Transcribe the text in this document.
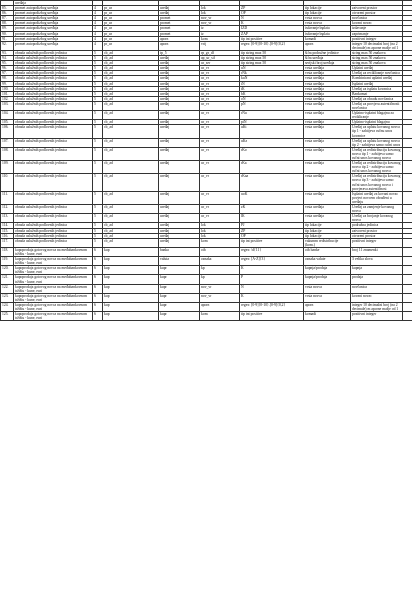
	uređaja								
85.	promet autopodizbog uređaja	4	pr_ur	uređaj	lok	ZP	tip lokacije	zatvoreni prostor	
86.	promet autopodizbog uređaja	4	pr_ur	uređaj	lok	OP	tip lokacije	otvoreni prostor	
87.	promet autopodizbog uređaja	4	pr_ur	promet	nov_vr	N	vrsta novca	novčanica	
88.	promet autopodizbog uređaja	4	pr_ur	promet	nov_vr	K	vrsta novca	kovani novac	
89.	promet autopodizbog uređaja	4	pr_ur	promet	iz	IZD	isdavanje/isplata	izdavanje	
90.	promet autopodizbog uređaja	4	pr_ur	promet	iz	ZAP	isdavanje/isplata	zaprimanje	
91.	promet autopodizbog uređaja	4	pr_ur	aporn	kom	tip int positive	komadi	pozitivni integer	
92.	promet autopodizbog uređaja	4	pr_ur	aporn	vrij	regex: [0-9]{0-10}.[0-9]{0,2}	aporn	integer 10 decimalni broj (na 2 decimale) m aporne mašje od 1	
93.	obrada uslužnih podlovnih jedinica	5	cb_ad	tp_5	rp_gr_df	tip string max 50	šifra podružne jedinice	string max 50 znakova	
94.	obrada uslužnih podlovnih jedinica	5	cb_ad	uređaj	ap_ur_sif	tip string max 50	šifra uređaja	string max 50 znakova	
95.	obrada uslužnih podlovnih jedinica	5	cb_ad	uređaj	ur_ser	tip string max 50	serijski broj uređaja	string max 50 znakova	
96.	obrada uslužnih podlovnih jedinica	5	cb_ad	uređaj	ur_vr	uN	vrsta uređaja	Uplatni uređaj	
97.	obrada uslužnih podlovnih jedinica	5	cb_ad	uređaj	ur_vr	rNk	vrsta uređaja	Uređaj za recikliranje novčanica	
98.	obrada uslužnih podlovnih jedinica	5	cb_ad	uređaj	ur_vr	kuN	vrsta uređaja	Kombinirani uplatni uređaj	
99.	obrada uslužnih podlovnih jedinica	5	cb_ad	uređaj	ur_vr	iN	vrsta uređaja	Isplatni uređaj	
100.	obrada uslužnih podlovnih jedinica	5	cb_ad	uređaj	ur_vr	tK	vrsta uređaja	Uređaj za isplatu kovanica	
101.	obrada uslužnih podlovnih jedinica	5	cb_ad	uređaj	ur_vr	bK	vrsta uređaja	Bankomat	
102.	obrada uslužnih podlovnih jedinica	5	cb_ad	uređaj	ur_vr	oN	vrsta uređaja	Uređaj za obradu novčanica	
103.	obrada uslužnih podlovnih jedinica	5	cb_ad	uređaj	ur_vr	pN	vrsta uređaja	Uređaj za provjeru autentičnosti novčanica	
104.	obrada uslužnih podlovnih jedinica	5	cb_ad	uređaj	ur_vr	rNu	vrsta uređaja	Uplatno-isplatni blagajnu za recikliranje	
105.	obrada uslužnih podlovnih jedinica	5	cb_ad	uređaj	ur_vr	piN	vrsta uređaja	Uplatno-isplatni blagajnu	
106.	obrada uslužnih podlovnih jedinica	5	cb_ad	uređaj	ur_vr	uKt	vrsta uređaja	Uređaj za uplatu kovanog novca tip 1 - zahtijeva ručnu unos kovanice	
107.	obrada uslužnih podlovnih jedinica	5	cb_ad	uređaj	ur_vr	uKz	vrsta uređaja	Uređaj za uplatu kovanog novca tip 2 - zahtijeva samo ručni unos	
108.	obrada uslužnih podlovnih jedinica	5	cb_ad	uređaj	ur_vr	rKo	vrsta uređaja	Uređaj za redistribuciju kovanog novca tip 1 - zahtijeva samo ručni unos kovanog novca	
109.	obrada uslužnih podlovnih jedinica	5	cb_ad	uređaj	ur_vr	rKa	vrsta uređaja	Uređaj za redistribuciju kovanog novca tip 2 - zahtijeva samo ručni unos kovanog novca	
110.	obrada uslužnih podlovnih jedinica	5	cb_ad	uređaj	ur_vr	rKaa	vrsta uređaja	Uređaj za redistribuciju kovanog novca tip 3 - zahtijeva samo ručni unos kovanog novca i provjerava autentičnost	
111.	obrada uslužnih podlovnih jedinica	5	cb_ad	uređaj	ur_vr	uoK	vrsta uređaja	Isplatni uređaj za kovani novac povjeri novcem obrađeni u uređaju	
112.	obrada uslužnih podlovnih jedinica	5	cb_ad	uređaj	ur_vr	zK	vrsta uređaja	Uređaj za zamjenje kovanog novca	
113.	obrada uslužnih podlovnih jedinica	5	cb_ad	uređaj	ur_vr	lK	vrsta uređaja	Uređaj za brojanje kovanog novca	
114.	obrada uslužnih podlovnih jedinica	5	cb_ad	uređaj	lok	PJ	tip lokacije	podružna jedinica	
115.	obrada uslužnih podlovnih jedinica	5	cb_ad	uređaj	lok	ZP	tip lokacije	zatvoreni prostor	
116.	obrada uslužnih podlovnih jedinica	5	cb_ad	uređaj	lok	OP	tip lokacije	otvoreni prostor	
117.	obrada uslužnih podlovnih jedinica	5	cb_ad	uređaj	kom	tip int positive	vakumm redistribucije (kom.)	pozitivni integer	
118.	kupoprodaja gotovog novca na međubankovnom tržištu - kune, euri	6	kup	banka	oib	regex: \d{11}	oib banke	broj 11 znamenki	
119.	kupoprodaja gotovog novca na međubankovnom tržištu - kune, euri	6	kup	valuta	oznaka	regex: [A-Z]{3}	oznaka valute	3 velika slova	
120.	kupoprodaja gotovog novca na međubankovnom tržištu - kune, euri	6	kup	kupr	kp	K	kupnja/prodaja	kupnja	
121.	kupoprodaja gotovog novca na međubankovnom tržištu - kune, euri	6	kup	kupr	kp	P	kupnja/prodaja	prodaja	
122.	kupoprodaja gotovog novca na međubankovnom tržištu - kune, euri	6	kup	kupr	nov_vr	N	vrsta novca	novčanica	
123.	kupoprodaja gotovog novca na međubankovnom tržištu - kune, euri	6	kup	kupr	nov_vr	K	vrsta novca	kovani novac	
124.	kupoprodaja gotovog novca na međubankovnom tržištu - kune, euri	6	kup	kupr	aporn	regex: [0-9]{0-10}.[0-9]{0,2}	aporn	integer 10 decimalni broj (na 2 decimale) m aporne mašje od 1	
125.	kupoprodaja gotovog novca na međubankovnom tržištu - kune, euri	6	kup	kupr	kom	tip int positive	komadi	pozitivni integer	
